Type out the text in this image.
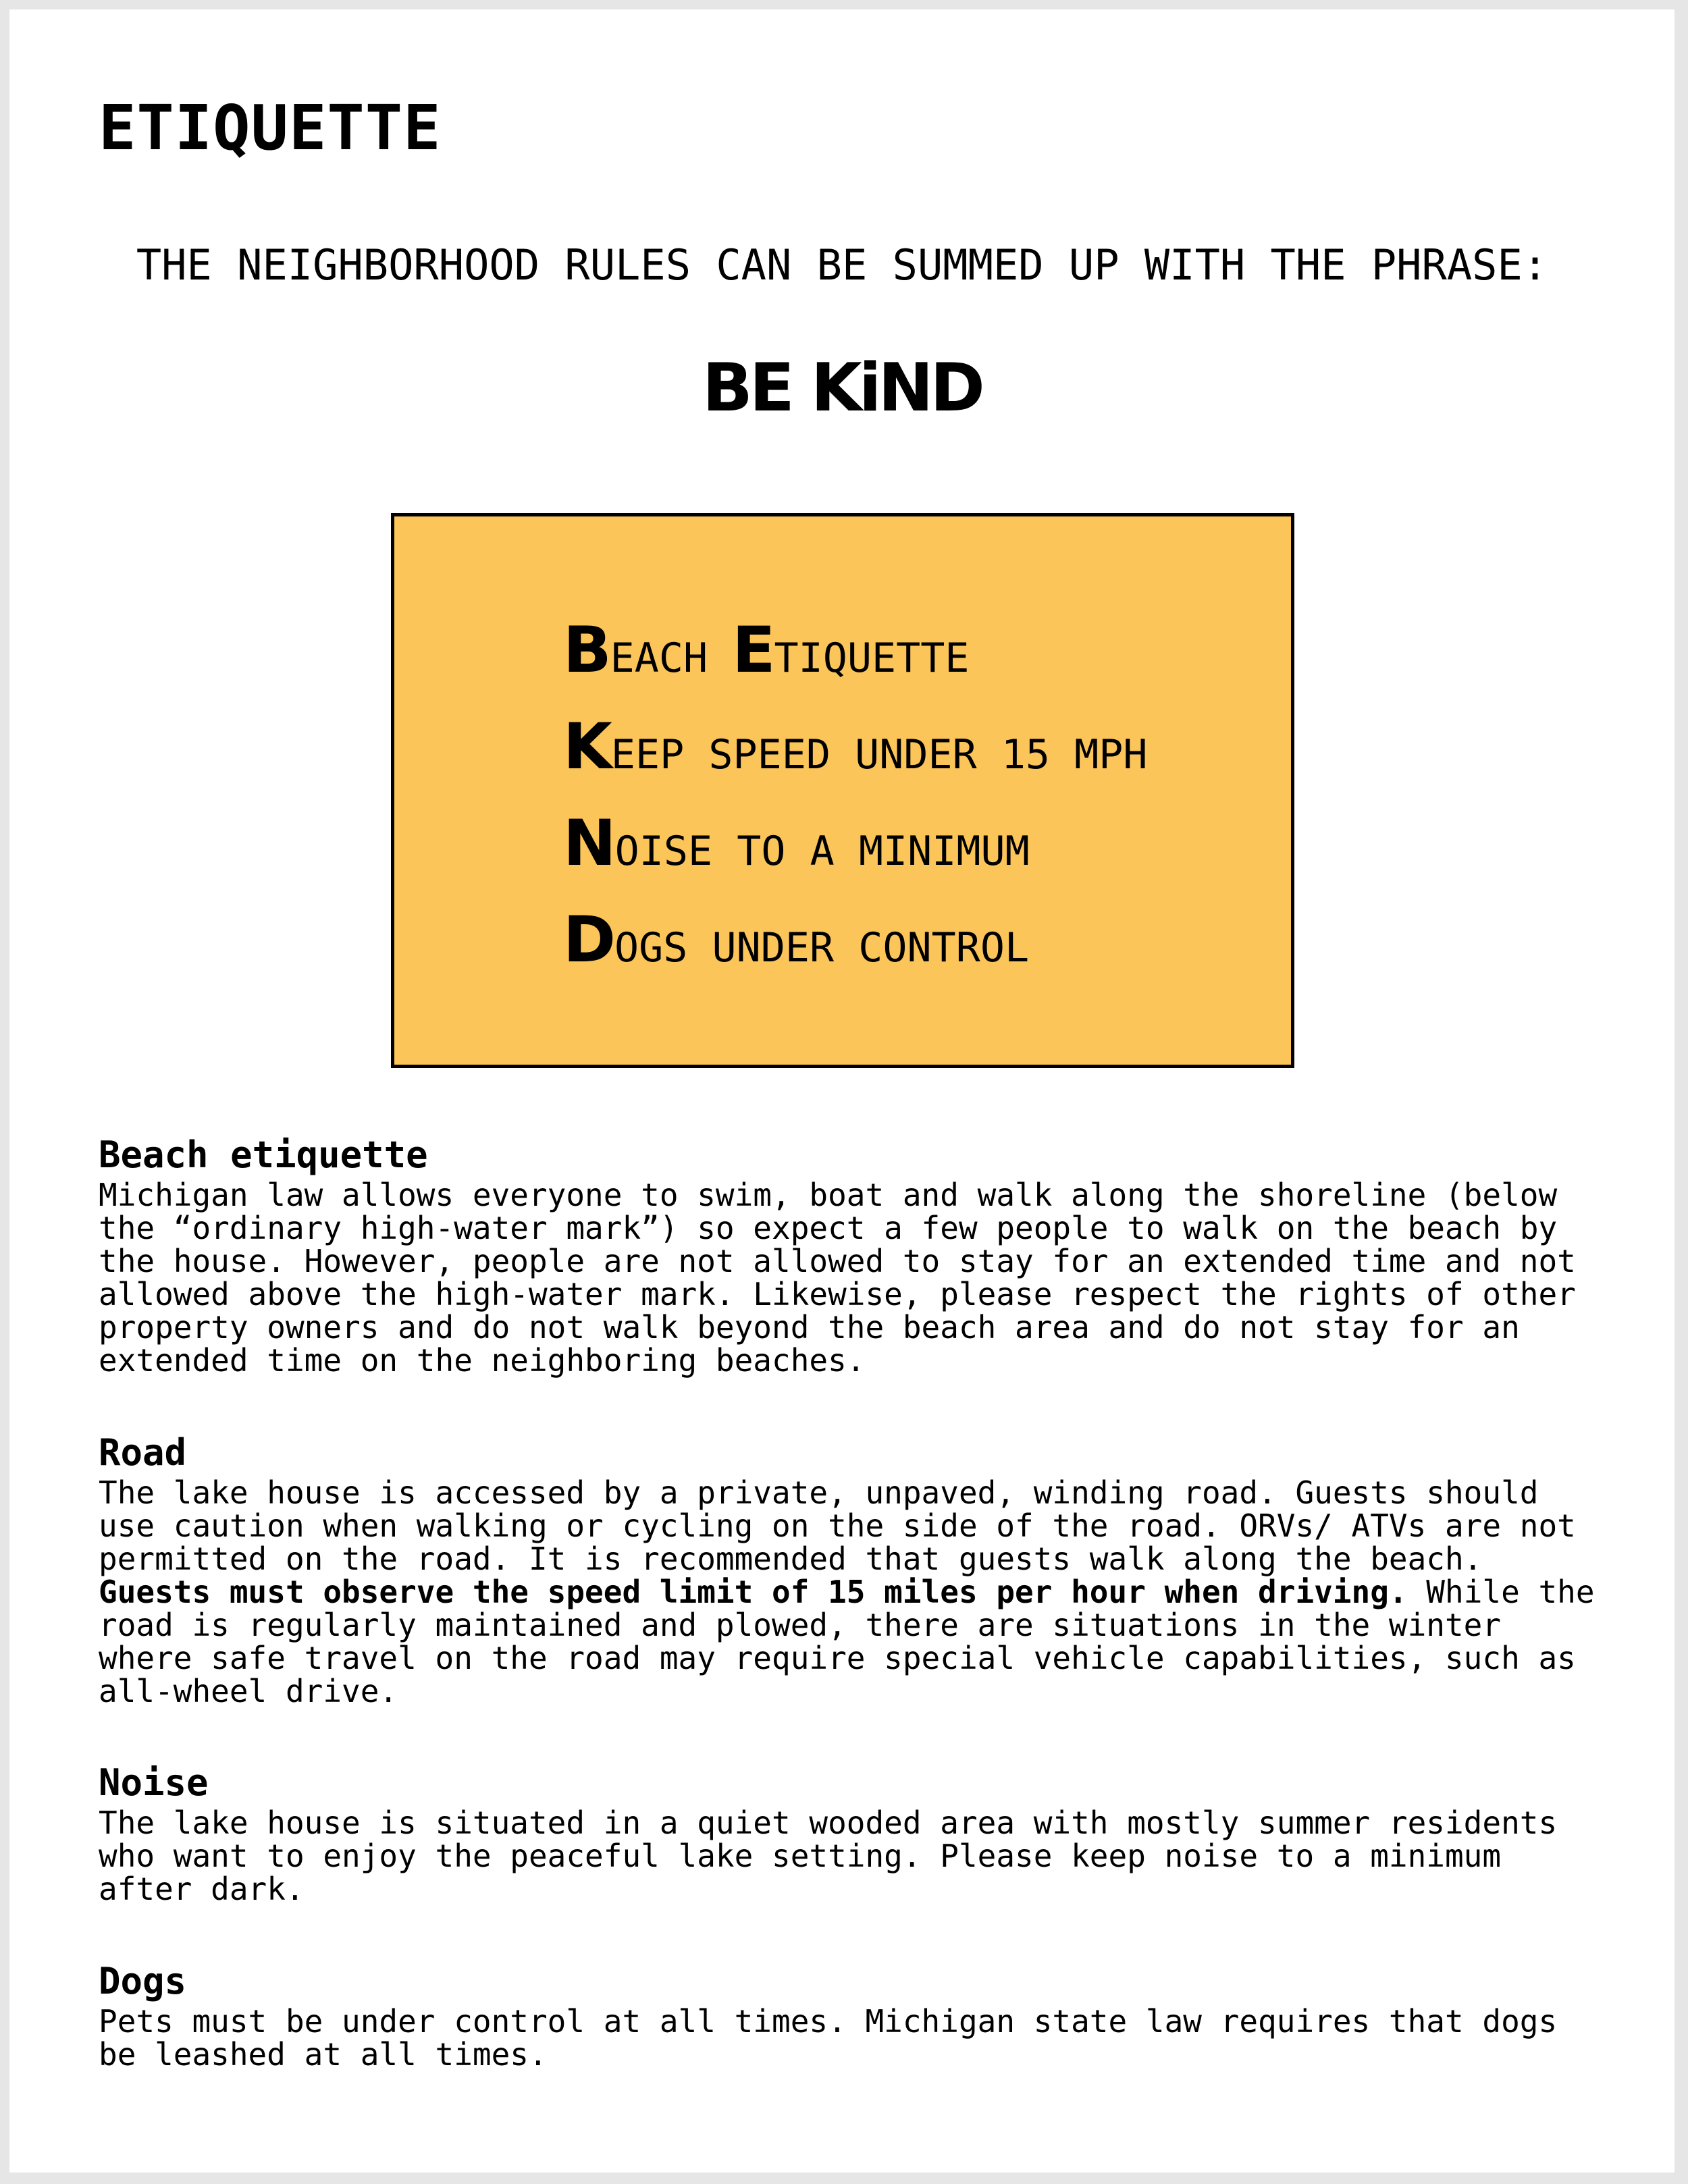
ETIQUETTE

THE NEIGHBORHOOD RULES CAN BE SUMMED UP WITH THE PHRASE:

BE KiND

BEACH ETIQUETTE

KEEP SPEED UNDER 15 MPH

NOISE TO A MINIMUM

DOGS UNDER CONTROL

Beach etiquette

Michigan law allows everyone to swim, boat and walk along the shoreline (below the “ordinary high-water mark”) so expect a few people to walk on the beach by the house. However, people are not allowed to stay for an extended time and not allowed above the high-water mark. Likewise, please respect the rights of other property owners and do not walk beyond the beach area and do not stay for an extended time on the neighboring beaches.

Road

The lake house is accessed by a private, unpaved, winding road. Guests should use caution when walking or cycling on the side of the road. ORVs/ ATVs are not permitted on the road. It is recommended that guests walk along the beach. Guests must observe the speed limit of 15 miles per hour when driving. While the road is regularly maintained and plowed, there are situations in the winter where safe travel on the road may require special vehicle capabilities, such as all-wheel drive.

Noise

The lake house is situated in a quiet wooded area with mostly summer residents who want to enjoy the peaceful lake setting. Please keep noise to a minimum after dark.

Dogs

Pets must be under control at all times. Michigan state law requires that dogs be leashed at all times.
